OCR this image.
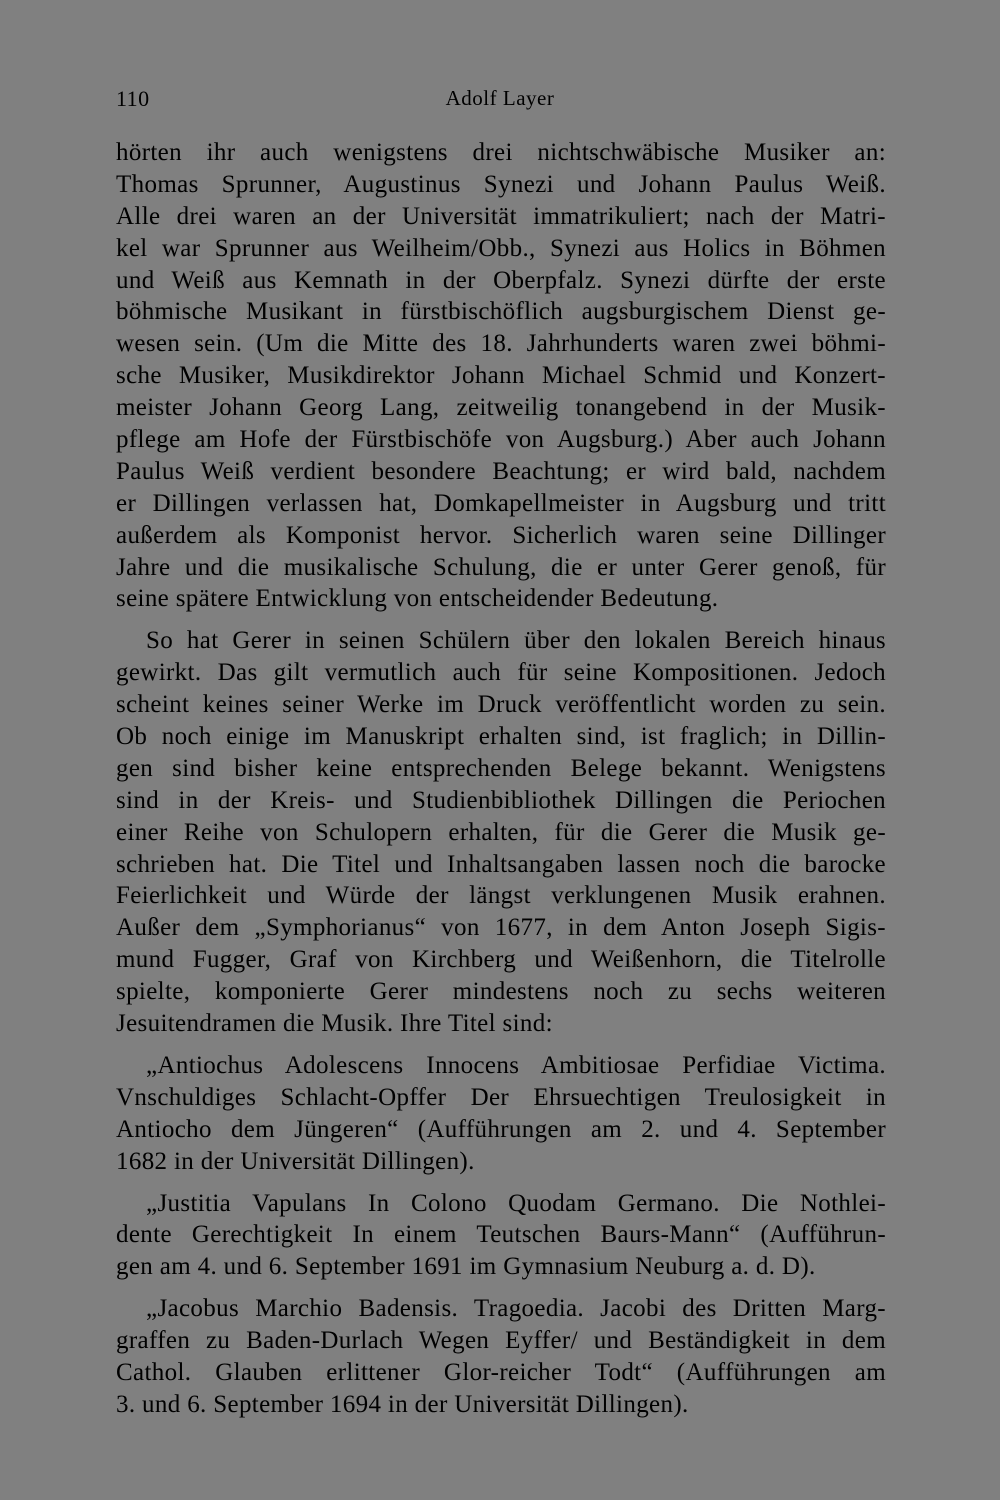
110	Adolf Layer
hörten ihr auch wenigstens drei nichtschwäbische Musiker an:
Thomas Sprunner, Augustinus Synezi und Johann Paulus Weiß.
Alle drei waren an der Universität immatrikuliert; nach der Matri-
kel war Sprunner aus Weilheim/Obb., Synezi aus Holics in Böhmen
und Weiß aus Kemnath in der Oberpfalz. Synezi dürfte der erste
böhmische Musikant in fürstbischöflich augsburgischem Dienst ge-
wesen sein. (Um die Mitte des 18. Jahrhunderts waren zwei böhmi-
sche Musiker, Musikdirektor Johann Michael Schmid und Konzert-
meister Johann Georg Lang, zeitweilig tonangebend in der Musik-
pflege am Hofe der Fürstbischöfe von Augsburg.) Aber auch Johann
Paulus Weiß verdient besondere Beachtung; er wird bald, nachdem
er Dillingen verlassen hat, Domkapellmeister in Augsburg und tritt
außerdem als Komponist hervor. Sicherlich waren seine Dillinger
Jahre und die musikalische Schulung, die er unter Gerer genoß, für
seine spätere Entwicklung von entscheidender Bedeutung.
So hat Gerer in seinen Schülern über den lokalen Bereich hinaus
gewirkt. Das gilt vermutlich auch für seine Kompositionen. Jedoch
scheint keines seiner Werke im Druck veröffentlicht worden zu sein.
Ob noch einige im Manuskript erhalten sind, ist fraglich; in Dillin-
gen sind bisher keine entsprechenden Belege bekannt. Wenigstens
sind in der Kreis- und Studienbibliothek Dillingen die Periochen
einer Reihe von Schulopern erhalten, für die Gerer die Musik ge-
schrieben hat. Die Titel und Inhaltsangaben lassen noch die barocke
Feierlichkeit und Würde der längst verklungenen Musik erahnen.
Außer dem „Symphorianus“ von 1677, in dem Anton Joseph Sigis-
mund Fugger, Graf von Kirchberg und Weißenhorn, die Titelrolle
spielte, komponierte Gerer mindestens noch zu sechs weiteren
Jesuitendramen die Musik. Ihre Titel sind:
„Antiochus Adolescens Innocens Ambitiosae Perfidiae Victima.
Vnschuldiges Schlacht-Opffer Der Ehrsuechtigen Treulosigkeit in
Antiocho dem Jüngeren“ (Aufführungen am 2. und 4. September
1682 in der Universität Dillingen).
„Justitia Vapulans In Colono Quodam Germano. Die Nothlei-
dente Gerechtigkeit In einem Teutschen Baurs-Mann“ (Aufführun-
gen am 4. und 6. September 1691 im Gymnasium Neuburg a. d. D).
„Jacobus Marchio Badensis. Tragoedia. Jacobi des Dritten Marg-
graffen zu Baden-Durlach Wegen Eyffer/ und Beständigkeit in dem
Cathol. Glauben erlittener Glor-reicher Todt“ (Aufführungen am
3. und 6. September 1694 in der Universität Dillingen).
